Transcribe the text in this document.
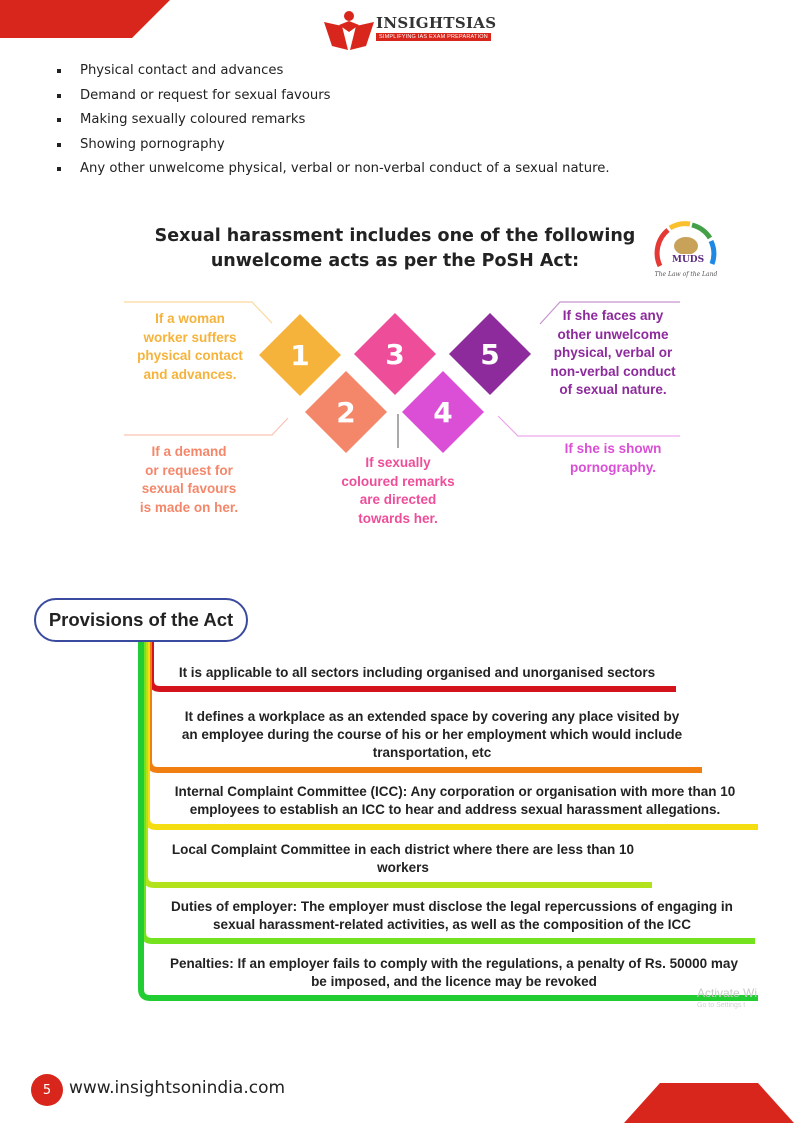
INSIGHTSIAS
SIMPLIFYING IAS EXAM PREPARATION
Physical contact and advances
Demand or request for sexual favours
Making sexually coloured remarks
Showing pornography
Any other unwelcome physical, verbal or non-verbal conduct of a sexual nature.
Sexual harassment includes one of the following
unwelcome acts as per the PoSH Act:	MUDS
The Law of the Land
1
2
3
4
5
If a woman
worker suffers
physical contact
and advances.
If a demand
or request for
sexual favours
is made on her.
If sexually
coloured remarks
are directed
towards her.
If she is shown
pornography.
If she faces any
other unwelcome
physical, verbal or
non-verbal conduct
of sexual nature.
Provisions of the Act
It is applicable to all sectors including organised and unorganised sectors
It defines a workplace as an extended space by covering any place visited by
an employee during the course of his or her employment which would include
transportation, etc
Internal Complaint Committee (ICC): Any corporation or organisation with more than 10
employees to establish an ICC to hear and address sexual harassment allegations.
Local Complaint Committee in each district where there are less than 10
workers
Duties of employer: The employer must disclose the legal repercussions of engaging in
sexual harassment-related activities, as well as the composition of the ICC
Penalties: If an employer fails to comply with the regulations, a penalty of Rs. 50000 may
be imposed, and the licence may be revoked
Activate Wi
Go to Settings t
5	www.insightsonindia.com
